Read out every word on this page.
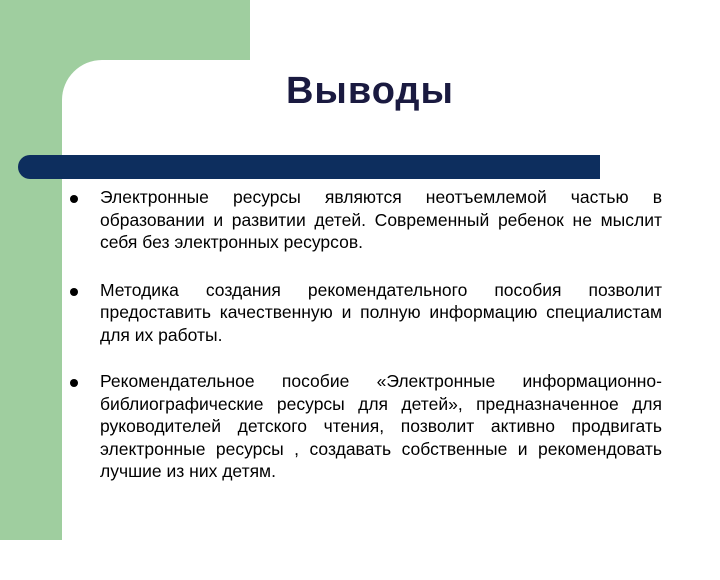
Выводы
Электронные ресурсы являются неотъемлемой частью в образовании и развитии детей. Современный ребенок не мыслит себя без электронных ресурсов.
Методика создания рекомендательного пособия позволит предоставить качественную и полную информацию специалистам для их работы.
Рекомендательное пособие «Электронные информационно-библиографические ресурсы для детей», предназначенное для руководителей детского чтения, позволит активно продвигать электронные ресурсы , создавать собственные и рекомендовать лучшие из них детям.
